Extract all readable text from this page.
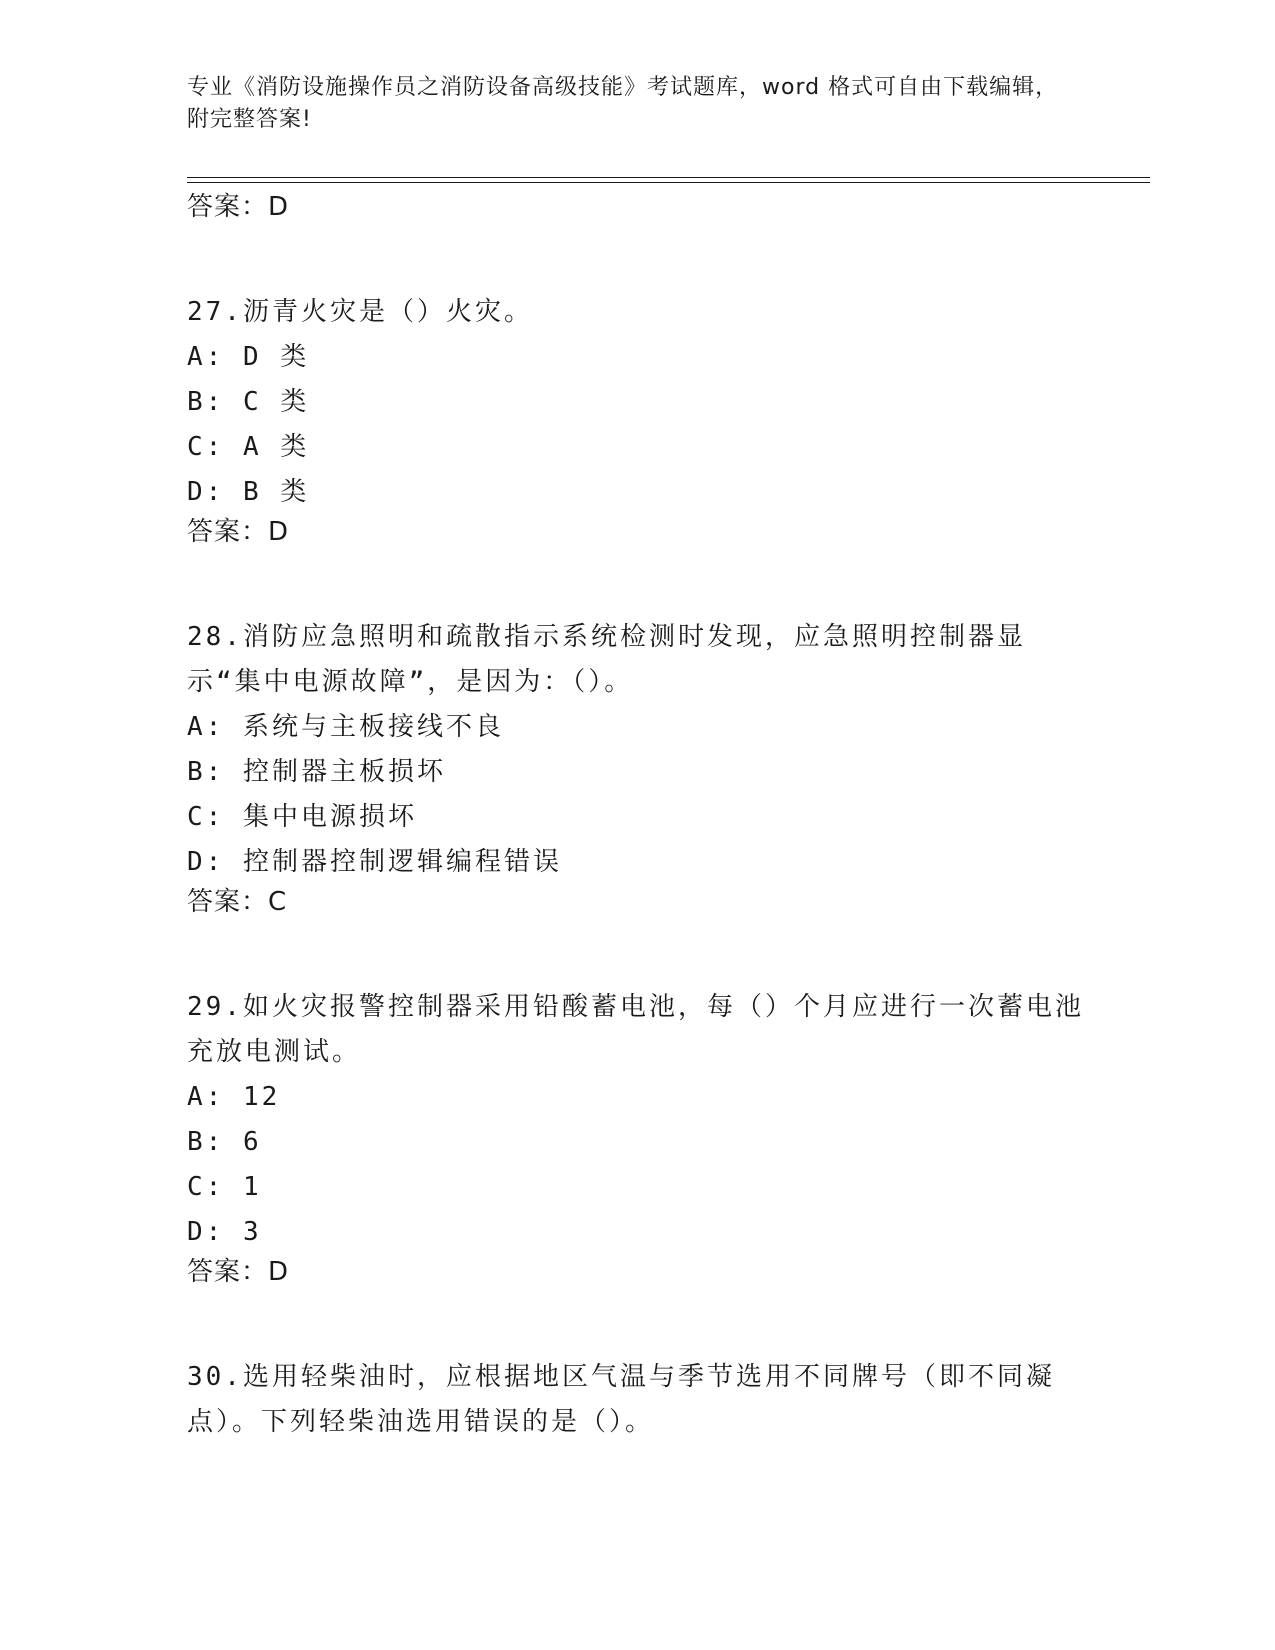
专业《消防设施操作员之消防设备高级技能》考试题库，word 格式可自由下载编辑，附完整答案!
答案：D
27.沥青火灾是（）火灾。
A: D 类
B: C 类
C: A 类
D: B 类
答案：D
28.消防应急照明和疏散指示系统检测时发现，应急照明控制器显示“集中电源故障”，是因为：（）。
A: 系统与主板接线不良
B: 控制器主板损坏
C: 集中电源损坏
D: 控制器控制逻辑编程错误
答案：C
29.如火灾报警控制器采用铅酸蓄电池，每（）个月应进行一次蓄电池充放电测试。
A: 12
B: 6
C: 1
D: 3
答案：D
30.选用轻柴油时，应根据地区气温与季节选用不同牌号（即不同凝点）。下列轻柴油选用错误的是（）。
